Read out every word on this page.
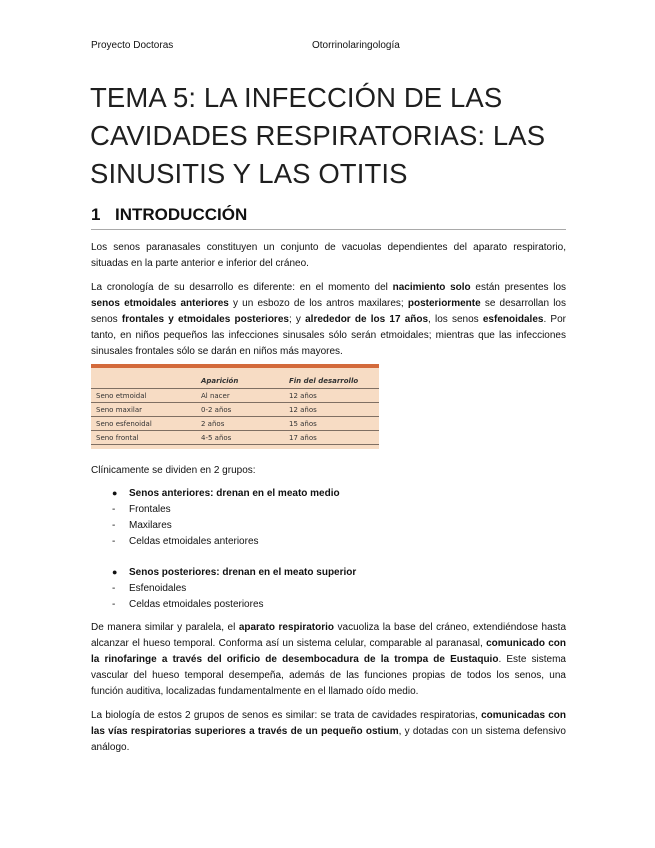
Proyecto Doctoras	Otorrinolaringología
TEMA 5: LA INFECCIÓN DE LAS
CAVIDADES RESPIRATORIAS: LAS
SINUSITIS Y LAS OTITIS
1 INTRODUCCIÓN

Los senos paranasales constituyen un conjunto de vacuolas dependientes del aparato respiratorio, situadas en la parte anterior e inferior del cráneo.

La cronología de su desarrollo es diferente: en el momento del nacimiento solo están presentes los senos etmoidales anteriores y un esbozo de los antros maxilares; posteriormente se desarrollan los senos frontales y etmoidales posteriores; y alrededor de los 17 años, los senos esfenoidales. Por tanto, en niños pequeños las infecciones sinusales sólo serán etmoidales; mientras que las infecciones sinusales frontales sólo se darán en niños más mayores.

	Aparición	Fin del desarrollo
Seno etmoidal	Al nacer	12 años
Seno maxilar	0-2 años	12 años
Seno esfenoidal	2 años	15 años
Seno frontal	4-5 años	17 años

Clínicamente se dividen en 2 grupos:

● Senos anteriores: drenan en el meato medio
- Frontales
- Maxilares
- Celdas etmoidales anteriores
● Senos posteriores: drenan en el meato superior
- Esfenoidales
- Celdas etmoidales posteriores

De manera similar y paralela, el aparato respiratorio vacuoliza la base del cráneo, extendiéndose hasta alcanzar el hueso temporal. Conforma así un sistema celular, comparable al paranasal, comunicado con la rinofaringe a través del orificio de desembocadura de la trompa de Eustaquio. Este sistema vascular del hueso temporal desempeña, además de las funciones propias de todos los senos, una función auditiva, localizadas fundamentalmente en el llamado oído medio.

La biología de estos 2 grupos de senos es similar: se trata de cavidades respiratorias, comunicadas con las vías respiratorias superiores a través de un pequeño ostium, y dotadas con un sistema defensivo análogo.
